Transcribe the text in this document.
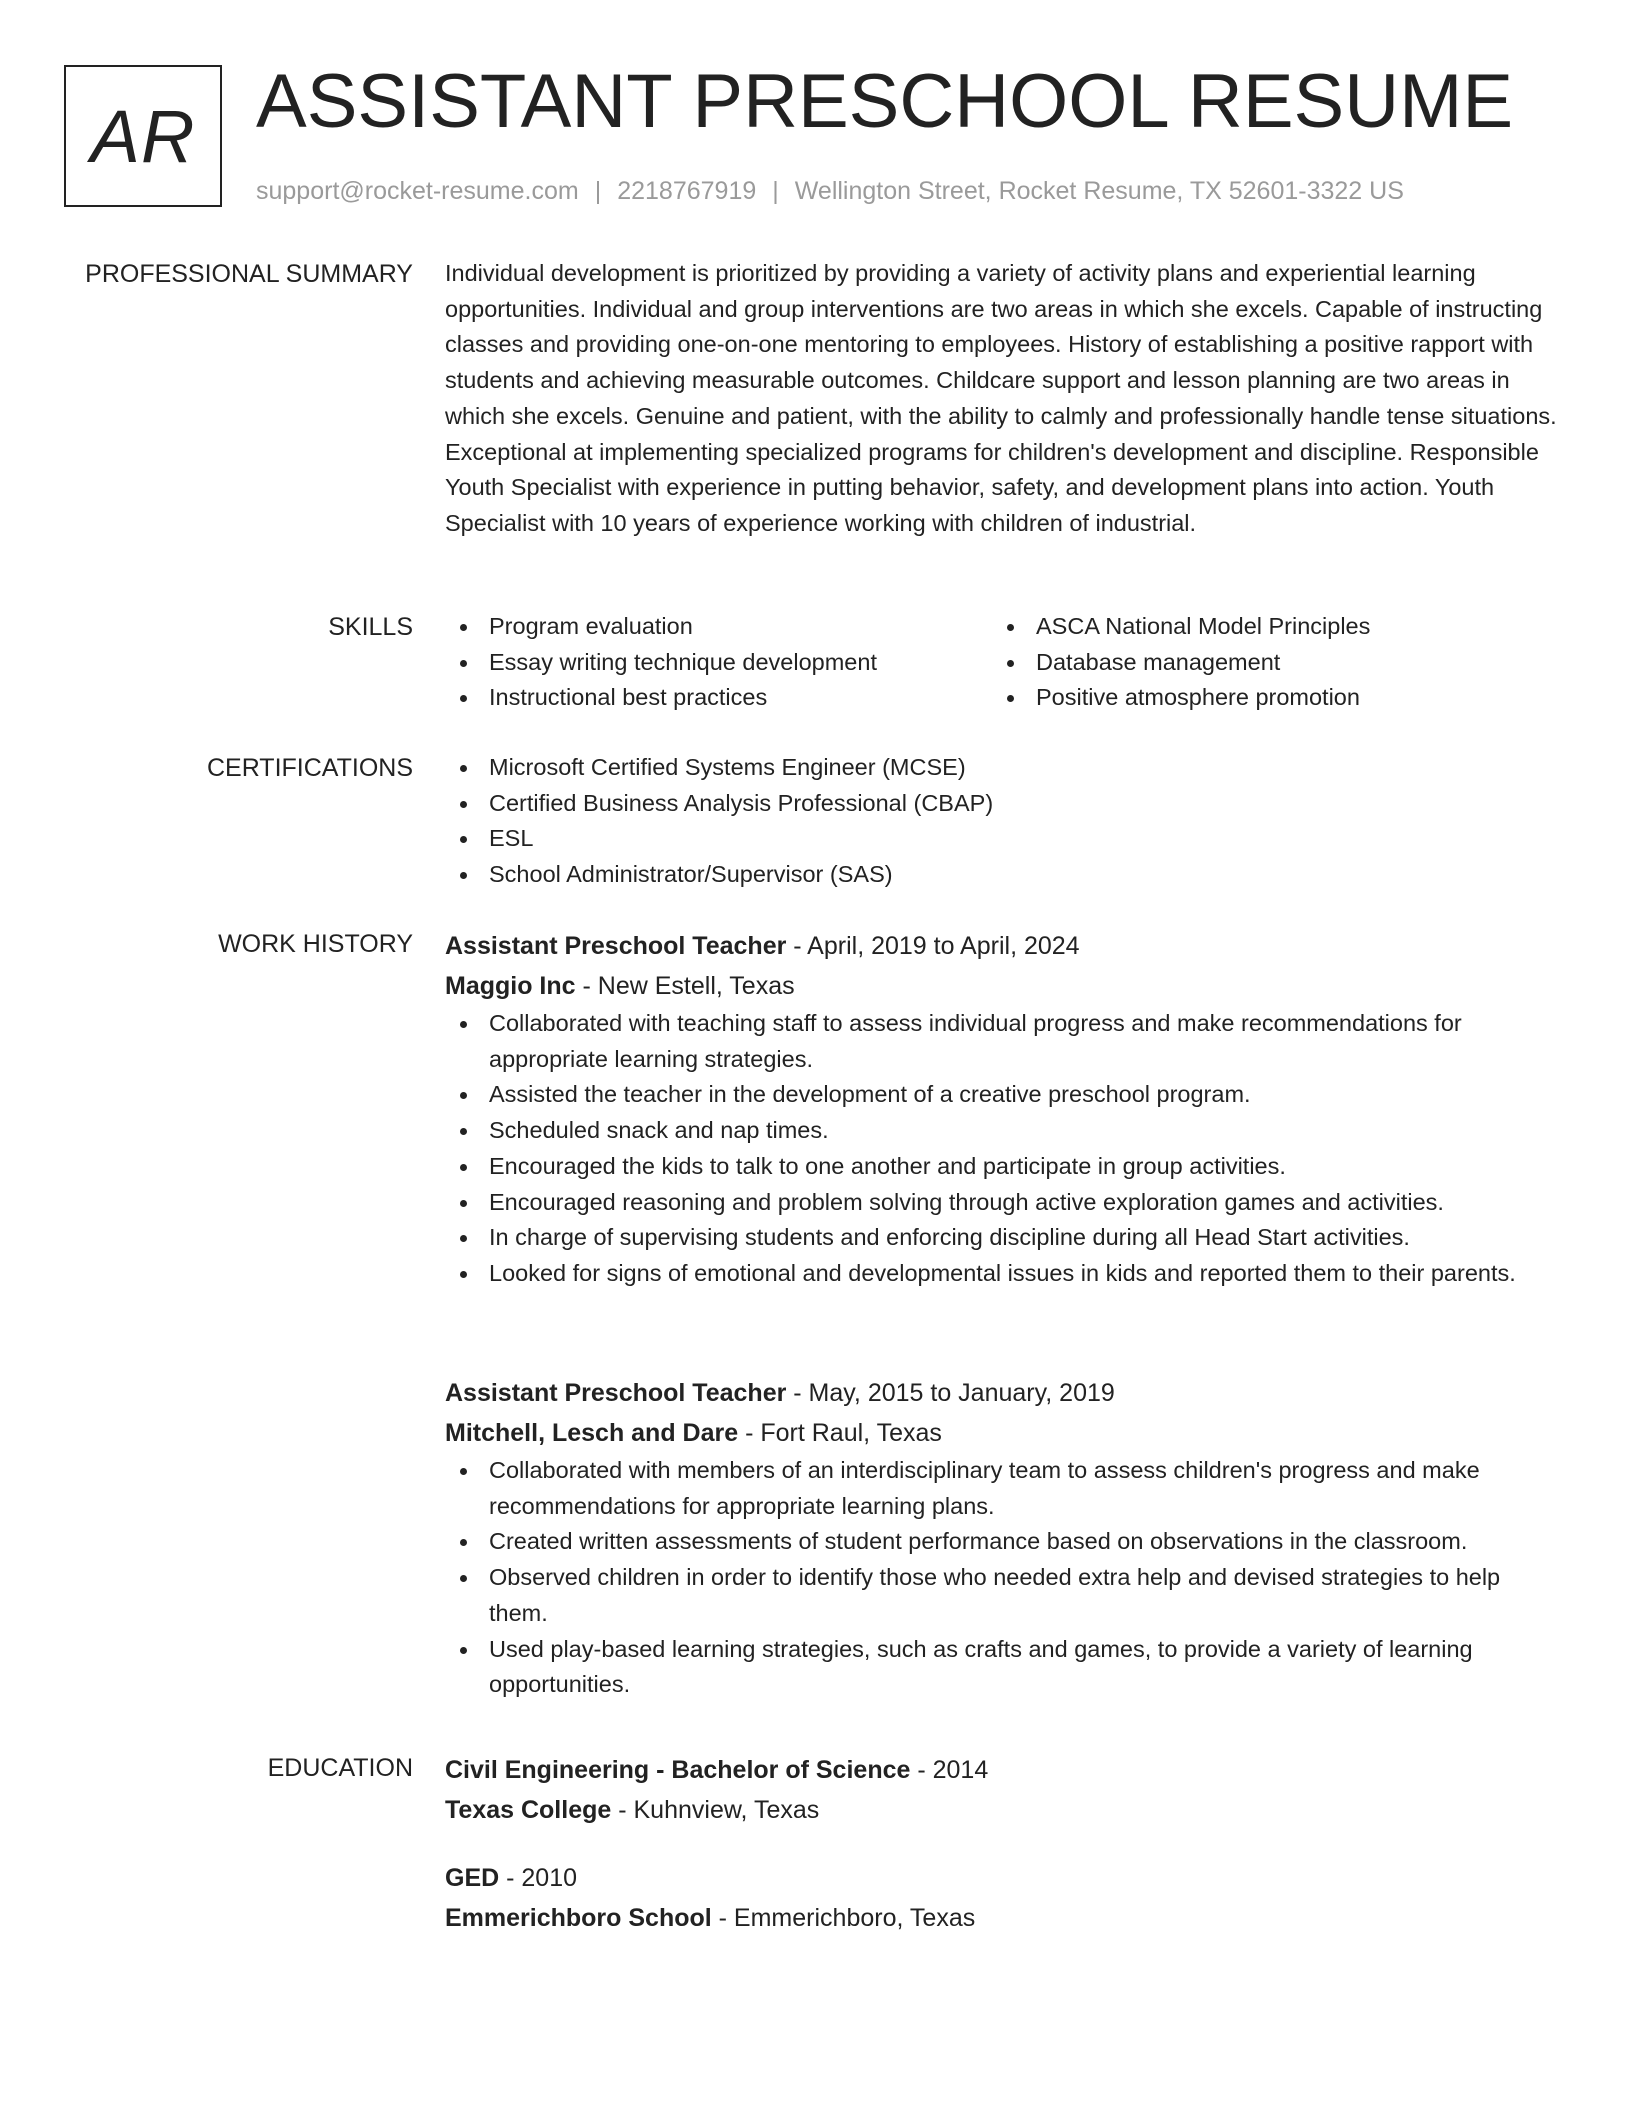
AR ASSISTANT PRESCHOOL RESUME
support@rocket-resume.com | 2218767919 | Wellington Street, Rocket Resume, TX 52601-3322 US
PROFESSIONAL SUMMARY Individual development is prioritized by providing a variety of activity plans and experiential learning opportunities. Individual and group interventions are two areas in which she excels. Capable of instructing classes and providing one-on-one mentoring to employees. History of establishing a positive rapport with students and achieving measurable outcomes. Childcare support and lesson planning are two areas in which she excels. Genuine and patient, with the ability to calmly and professionally handle tense situations. Exceptional at implementing specialized programs for children's development and discipline. Responsible Youth Specialist with experience in putting behavior, safety, and development plans into action. Youth Specialist with 10 years of experience working with children of industrial.

SKILLS	Program evaluation
Essay writing technique development
Instructional best practices
ASCA National Model Principles
Database management
Positive atmosphere promotion
CERTIFICATIONS	Microsoft Certified Systems Engineer (MCSE)
Certified Business Analysis Professional (CBAP)
ESL
School Administrator/Supervisor (SAS)
WORK HISTORY Assistant Preschool Teacher - April, 2019 to April, 2024
Maggio Inc - New Estell, Texas
Collaborated with teaching staff to assess individual progress and make recommendations for appropriate learning strategies.
Assisted the teacher in the development of a creative preschool program.
Scheduled snack and nap times.
Encouraged the kids to talk to one another and participate in group activities.
Encouraged reasoning and problem solving through active exploration games and activities.
In charge of supervising students and enforcing discipline during all Head Start activities.
Looked for signs of emotional and developmental issues in kids and reported them to their parents.
Assistant Preschool Teacher - May, 2015 to January, 2019
Mitchell, Lesch and Dare - Fort Raul, Texas
Collaborated with members of an interdisciplinary team to assess children's progress and make recommendations for appropriate learning plans.
Created written assessments of student performance based on observations in the classroom.
Observed children in order to identify those who needed extra help and devised strategies to help them.
Used play-based learning strategies, such as crafts and games, to provide a variety of learning opportunities.
EDUCATION Civil Engineering - Bachelor of Science - 2014
Texas College - Kuhnview, Texas
GED - 2010
Emmerichboro School - Emmerichboro, Texas
